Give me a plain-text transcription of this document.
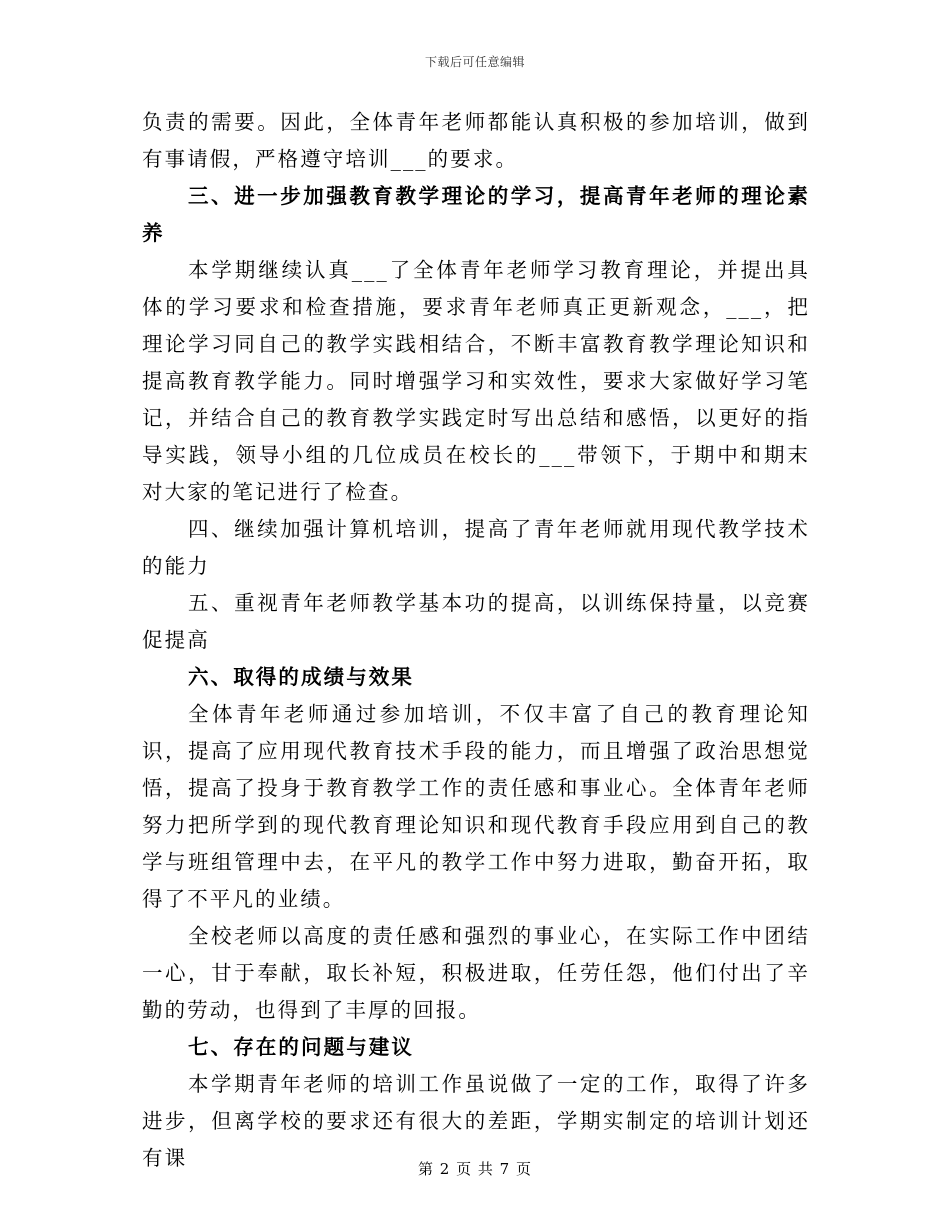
下载后可任意编辑

负责的需要。因此，全体青年老师都能认真积极的参加培训，做到有事请假，严格遵守培训___的要求。

三、进一步加强教育教学理论的学习，提高青年老师的理论素养

本学期继续认真___了全体青年老师学习教育理论，并提出具体的学习要求和检查措施，要求青年老师真正更新观念，___，把理论学习同自己的教学实践相结合，不断丰富教育教学理论知识和提高教育教学能力。同时增强学习和实效性，要求大家做好学习笔记，并结合自己的教育教学实践定时写出总结和感悟，以更好的指导实践，领导小组的几位成员在校长的___带领下，于期中和期末对大家的笔记进行了检查。

四、继续加强计算机培训，提高了青年老师就用现代教学技术的能力

五、重视青年老师教学基本功的提高，以训练保持量，以竞赛促提高

六、取得的成绩与效果

全体青年老师通过参加培训，不仅丰富了自己的教育理论知识，提高了应用现代教育技术手段的能力，而且增强了政治思想觉悟，提高了投身于教育教学工作的责任感和事业心。全体青年老师努力把所学到的现代教育理论知识和现代教育手段应用到自己的教学与班组管理中去，在平凡的教学工作中努力进取，勤奋开拓，取得了不平凡的业绩。

全校老师以高度的责任感和强烈的事业心，在实际工作中团结一心，甘于奉献，取长补短，积极进取，任劳任怨，他们付出了辛勤的劳动，也得到了丰厚的回报。

七、存在的问题与建议

本学期青年老师的培训工作虽说做了一定的工作，取得了许多进步，但离学校的要求还有很大的差距，学期实制定的培训计划还有课	第 2 页 共 7 页
